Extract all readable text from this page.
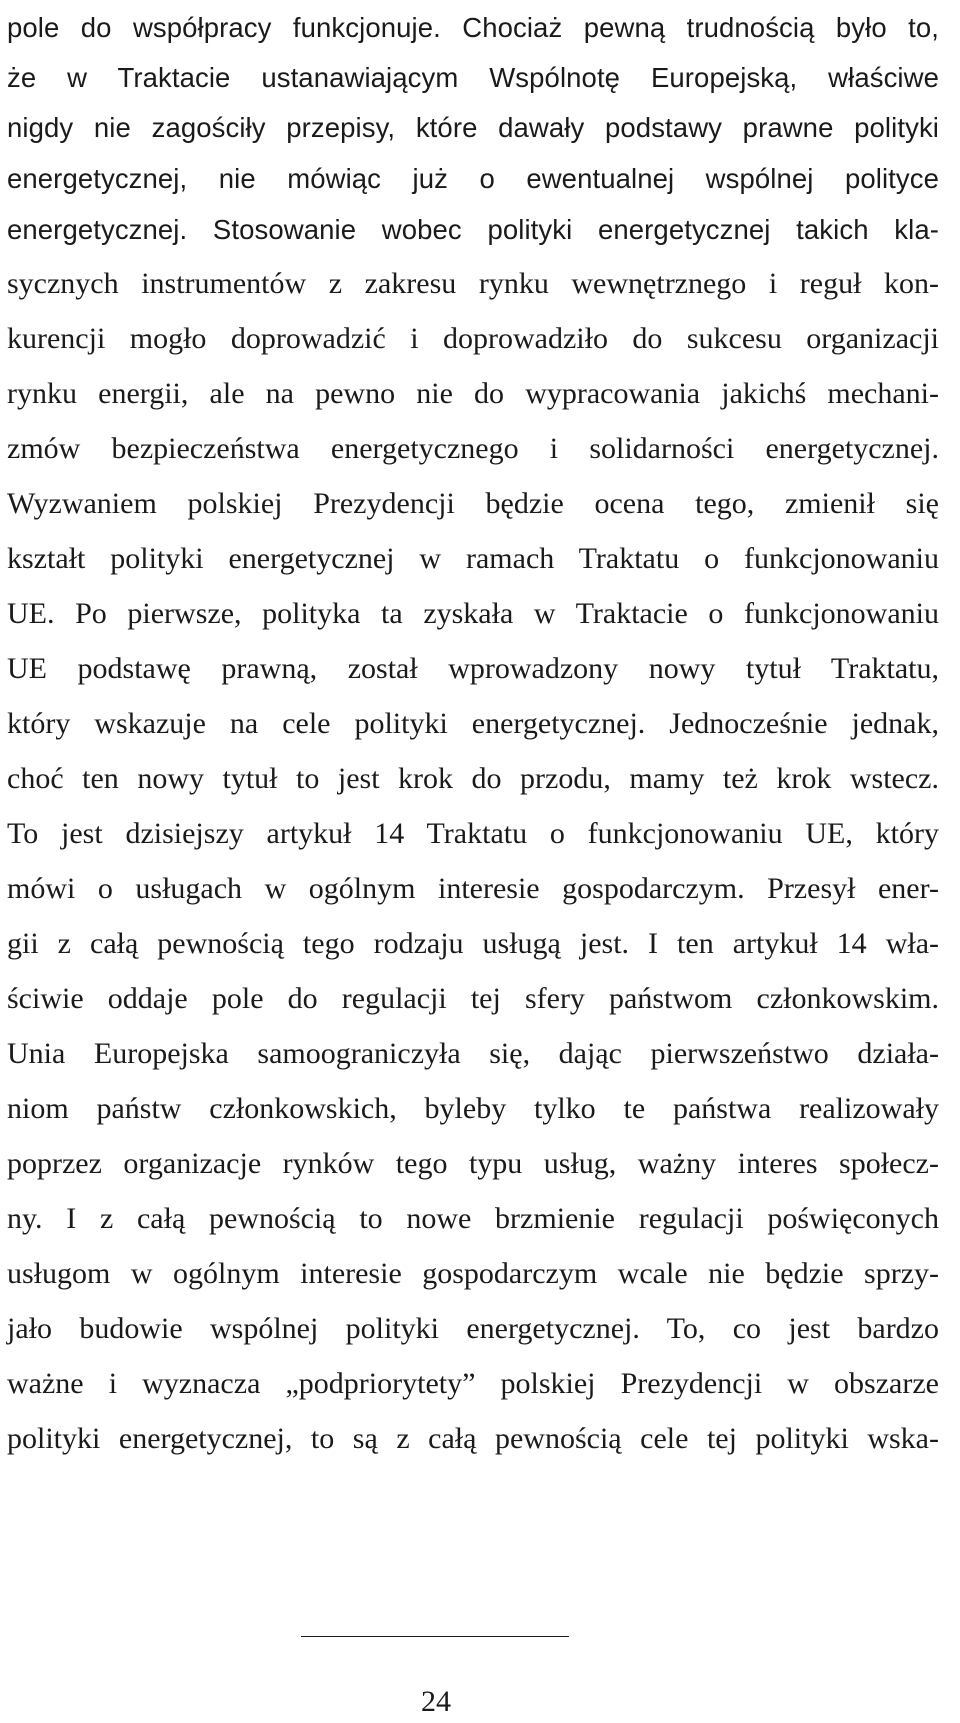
pole do współpracy funkcjonuje. Chociaż pewną trudnością było to,
że w Traktacie ustanawiającym Wspólnotę Europejską, właściwe
nigdy nie zagościły przepisy, które dawały podstawy prawne polityki
energetycznej, nie mówiąc już o ewentualnej wspólnej polityce
energetycznej. Stosowanie wobec polityki energetycznej takich kla-
sycznych instrumentów z zakresu rynku wewnętrznego i reguł kon-
kurencji mogło doprowadzić i doprowadziło do sukcesu organizacji
rynku energii, ale na pewno nie do wypracowania jakichś mechani-
zmów bezpieczeństwa energetycznego i solidarności energetycznej.
Wyzwaniem polskiej Prezydencji będzie ocena tego, zmienił się
kształt polityki energetycznej w ramach Traktatu o funkcjonowaniu
UE. Po pierwsze, polityka ta zyskała w Traktacie o funkcjonowaniu
UE podstawę prawną, został wprowadzony nowy tytuł Traktatu,
który wskazuje na cele polityki energetycznej. Jednocześnie jednak,
choć ten nowy tytuł to jest krok do przodu, mamy też krok wstecz.
To jest dzisiejszy artykuł 14 Traktatu o funkcjonowaniu UE, który
mówi o usługach w ogólnym interesie gospodarczym. Przesył ener-
gii z całą pewnością tego rodzaju usługą jest. I ten artykuł 14 wła-
ściwie oddaje pole do regulacji tej sfery państwom członkowskim.
Unia Europejska samoograniczyła się, dając pierwszeństwo działa-
niom państw członkowskich, byleby tylko te państwa realizowały
poprzez organizacje rynków tego typu usług, ważny interes społecz-
ny. I z całą pewnością to nowe brzmienie regulacji poświęconych
usługom w ogólnym interesie gospodarczym wcale nie będzie sprzy-
jało budowie wspólnej polityki energetycznej. To, co jest bardzo
ważne i wyznacza „podpriorytety” polskiej Prezydencji w obszarze
polityki energetycznej, to są z całą pewnością cele tej polityki wska-
24
